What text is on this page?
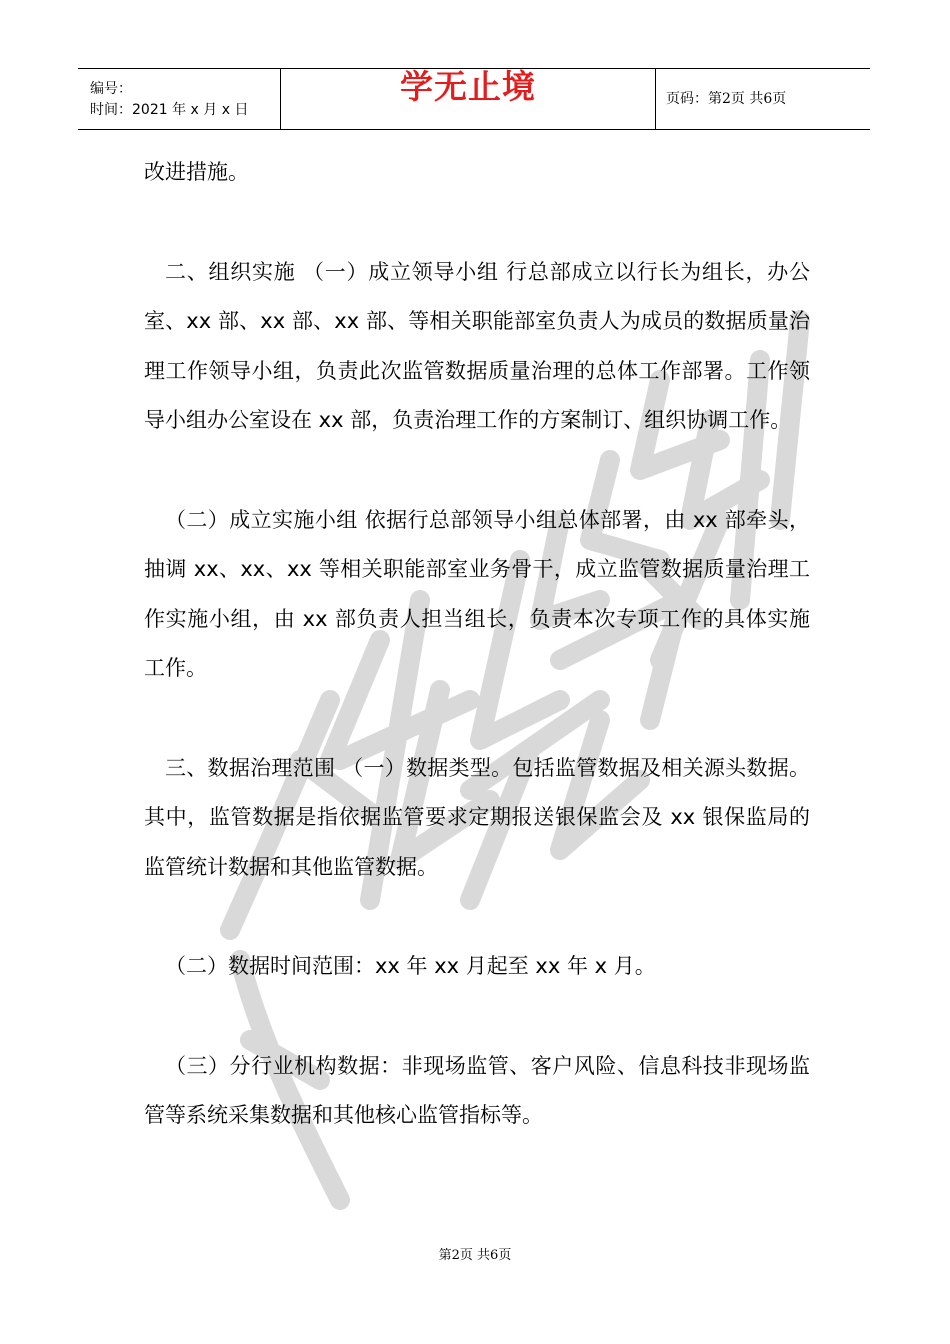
编号：
时间：2021 年 x 月 x 日
学无止境	页码：第2页 共6页

改进措施。

二、组织实施 （一）成立领导小组 行总部成立以行长为组长，办公室、xx 部、xx 部、xx 部、等相关职能部室负责人为成员的数据质量治理工作领导小组，负责此次监管数据质量治理的总体工作部署。工作领导小组办公室设在 xx 部，负责治理工作的方案制订、组织协调工作。

（二）成立实施小组 依据行总部领导小组总体部署，由 xx 部牵头，抽调 xx、xx、xx 等相关职能部室业务骨干，成立监管数据质量治理工作实施小组，由 xx 部负责人担当组长，负责本次专项工作的具体实施工作。

三、数据治理范围 （一）数据类型。包括监管数据及相关源头数据。其中，监管数据是指依据监管要求定期报送银保监会及 xx 银保监局的监管统计数据和其他监管数据。

（二）数据时间范围：xx 年 xx 月起至 xx 年 x 月。

（三）分行业机构数据：非现场监管、客户风险、信息科技非现场监管等系统采集数据和其他核心监管指标等。

第2页 共6页
